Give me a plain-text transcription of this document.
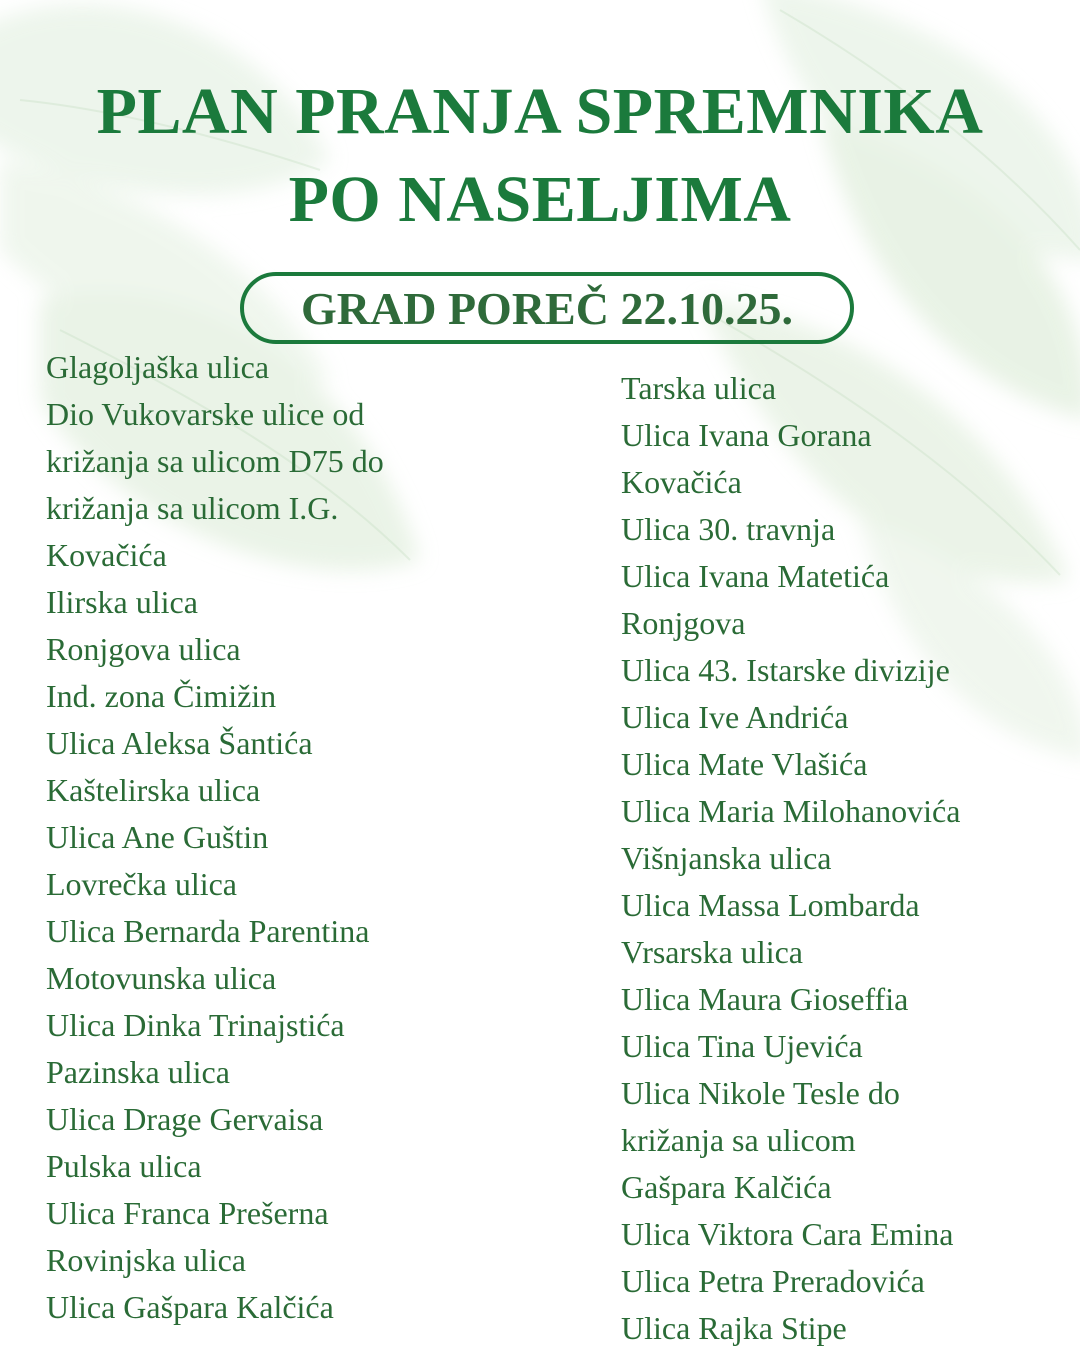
PLAN PRANJA SPREMNIKA
PO NASELJIMA
GRAD POREČ 22.10.25.
Glagoljaška ulica
Dio Vukovarske ulice od
križanja sa ulicom D75 do
križanja sa ulicom I.G.
Kovačića
Ilirska ulica
Ronjgova ulica
Ind. zona Čimižin
Ulica Aleksa Šantića
Kaštelirska ulica
Ulica Ane Guštin
Lovrečka ulica
Ulica Bernarda Parentina
Motovunska ulica
Ulica Dinka Trinajstića
Pazinska ulica
Ulica Drage Gervaisa
Pulska ulica
Ulica Franca Prešerna
Rovinjska ulica
Ulica Gašpara Kalčića
Tarska ulica
Ulica Ivana Gorana
Kovačića
Ulica 30. travnja
Ulica Ivana Matetića
Ronjgova
Ulica 43. Istarske divizije
Ulica Ive Andrića
Ulica Mate Vlašića
Ulica Maria Milohanovića
Višnjanska ulica
Ulica Massa Lombarda
Vrsarska ulica
Ulica Maura Gioseffia
Ulica Tina Ujevića
Ulica Nikole Tesle do
križanja sa ulicom
Gašpara Kalčića
Ulica Viktora Cara Emina
Ulica Petra Preradovića
Ulica Rajka Stipe
